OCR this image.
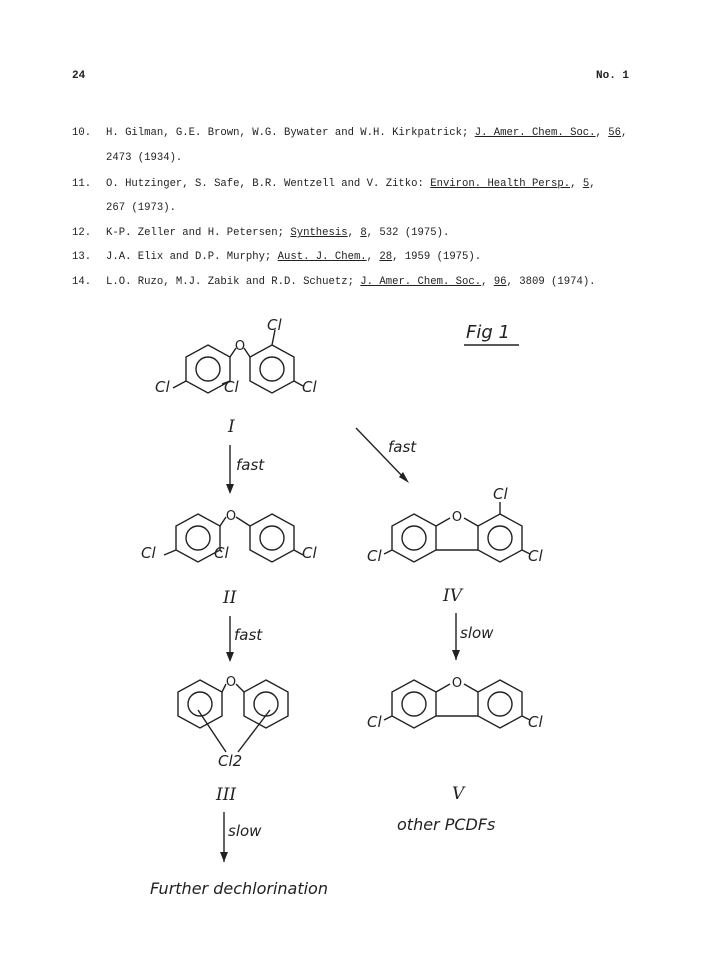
24	No. 1
10. H. Gilman, G.E. Brown, W.G. Bywater and W.H. Kirkpatrick; J. Amer. Chem. Soc., 56,
2473 (1934).
11. O. Hutzinger, S. Safe, B.R. Wentzell and V. Zitko: Environ. Health Persp., 5,
267 (1973).
12. K-P. Zeller and H. Petersen; Synthesis, 8, 532 (1975).
13. J.A. Elix and D.P. Murphy; Aust. J. Chem., 28, 1959 (1975).
14. L.O. Ruzo, M.J. Zabik and R.D. Schuetz; J. Amer. Chem. Soc., 96, 3809 (1974).
Fig 1
O
Cl
Cl	Cl	Cl
I
fast
fast
O
Cl	Cl	Cl
II
fast
O
Cl2
III
slow
Further dechlorination
O
Cl
Cl	Cl
IV
slow
O
Cl	Cl
V
other PCDFs
